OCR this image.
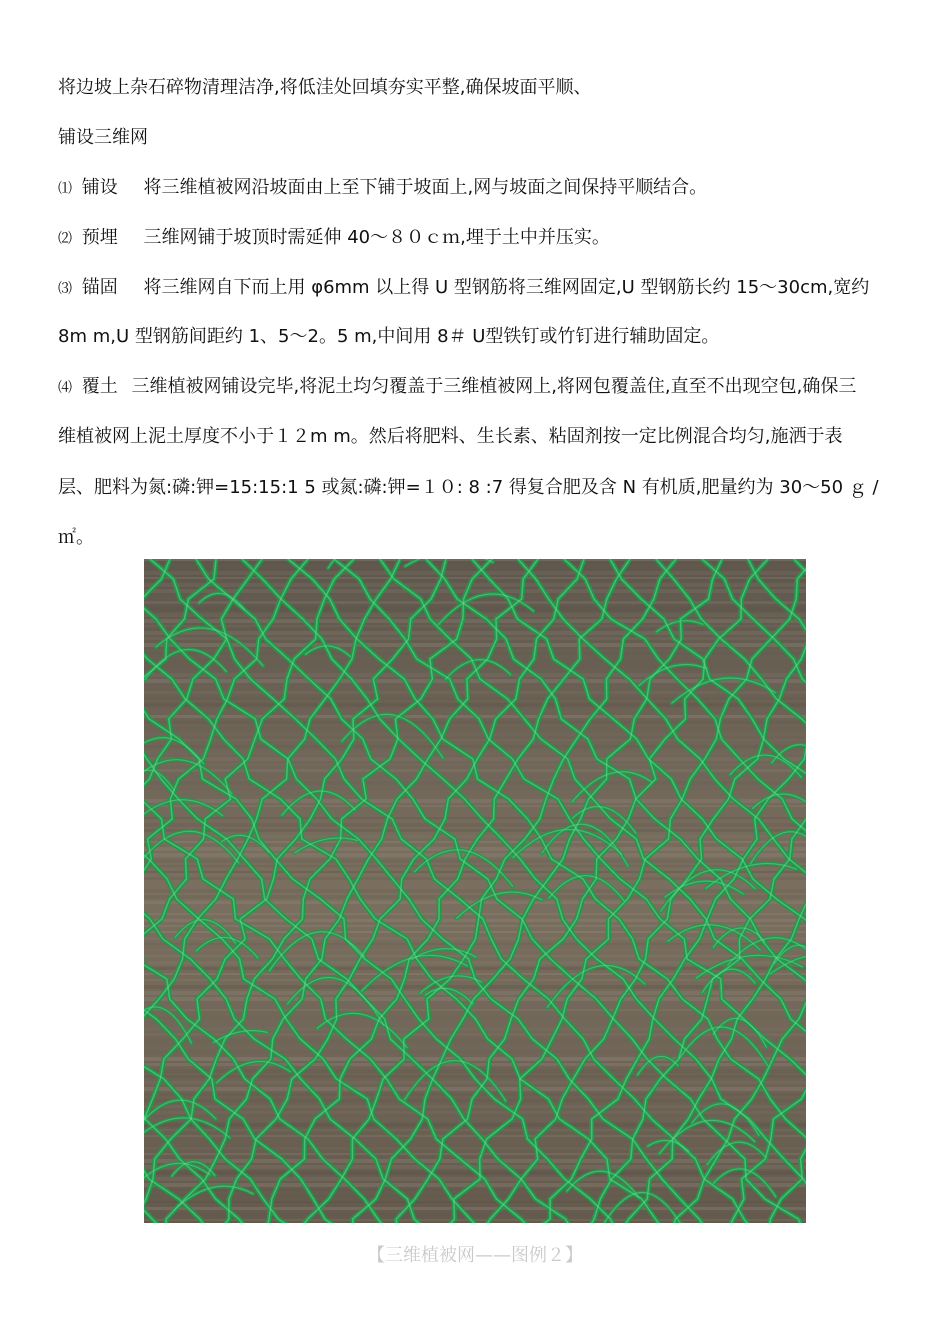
将边坡上杂石碎物清理洁净,将低洼处回填夯实平整,确保坡面平顺、
铺设三维网
⑴ 铺设 将三维植被网沿坡面由上至下铺于坡面上,网与坡面之间保持平顺结合。
⑵ 预埋 三维网铺于坡顶时需延伸 40～８０ｃｍ,埋于土中并压实。
⑶ 锚固 将三维网自下而上用 φ6mm 以上得 U 型钢筋将三维网固定,U 型钢筋长约 15～30cm,宽约
8m m,U 型钢筋间距约 1、5～2。5 m,中间用 8＃ U型铁钉或竹钉进行辅助固定。
⑷ 覆土 三维植被网铺设完毕,将泥土均匀覆盖于三维植被网上,将网包覆盖住,直至不出现空包,确保三
维植被网上泥土厚度不小于１２m m。然后将肥料、生长素、粘固剂按一定比例混合均匀,施洒于表
层、肥料为氮:磷:钾=15:15:1 5 或氮:磷:钾=１０: 8 :7 得复合肥及含 N 有机质,肥量约为 30～50 ｇ /
㎡。
【三维植被网——图例２】
